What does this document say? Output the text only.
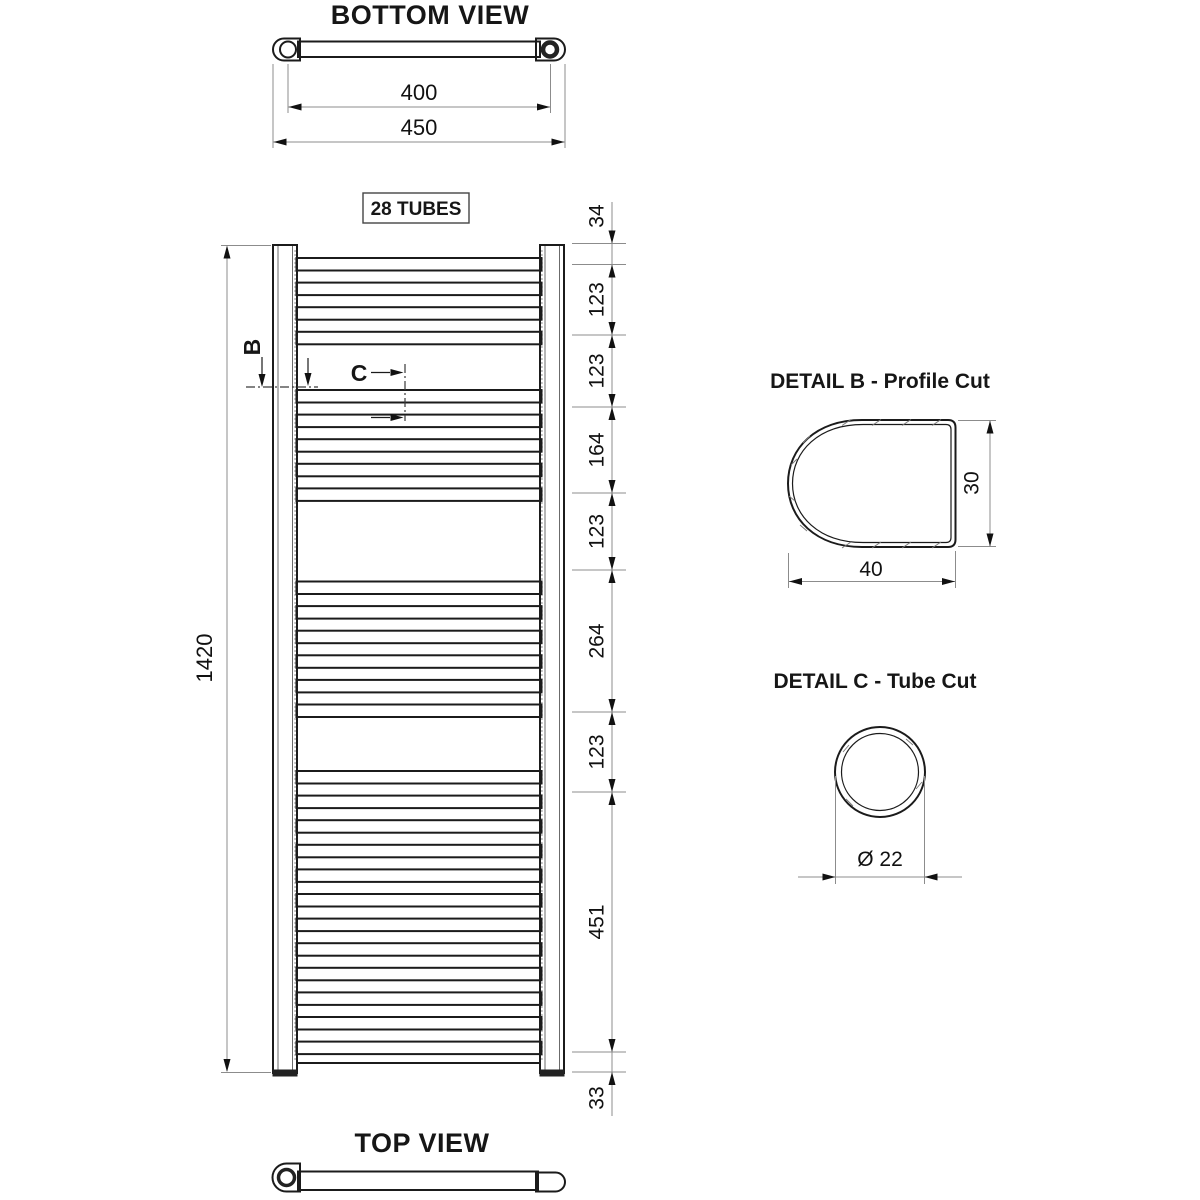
BOTTOM VIEW
400
450
28 TUBES
1420
34
123
123
164
123
264
123
451
33
B
C	DETAIL B - Profile Cut
30
40
DETAIL C - Tube Cut
Ø 22
TOP VIEW
